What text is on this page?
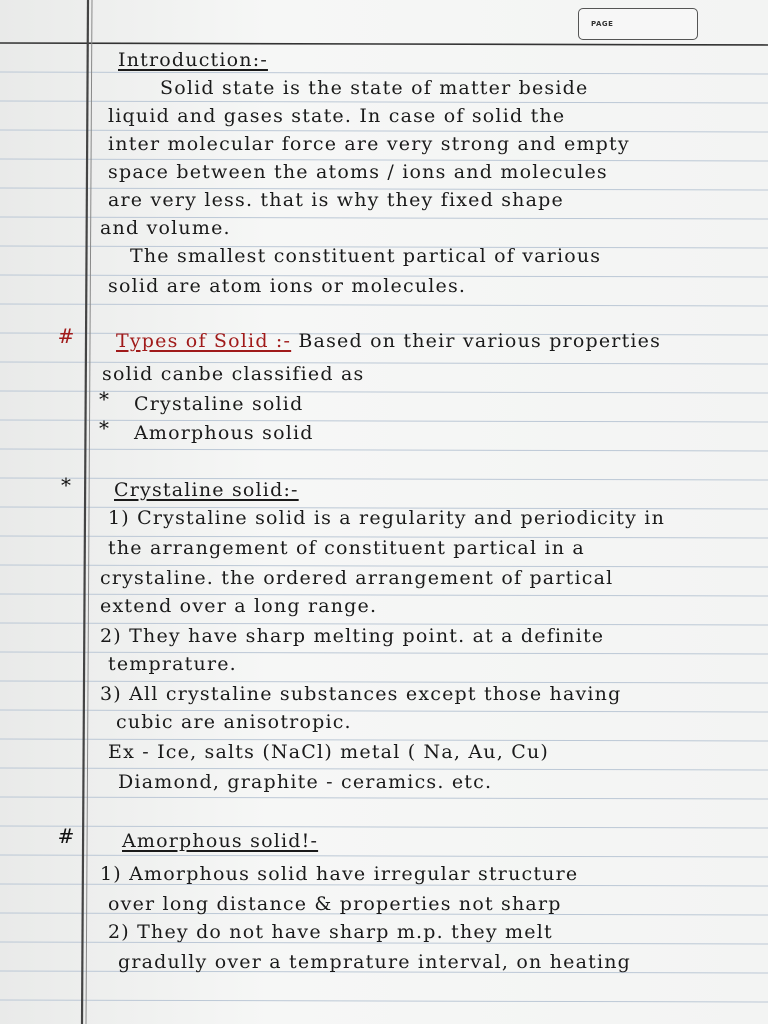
PAGE
Introduction:-
Solid state is the state of matter beside
liquid and gases state. In case of solid the
inter molecular force are very strong and empty
space between the atoms / ions and molecules
are very less. that is why they fixed shape
and volume.
The smallest constituent partical of various
solid are atom ions or molecules.
# Types of Solid :- Based on their various properties
solid canbe classified as
*	Crystaline solid
*	Amorphous solid
*	Crystaline solid:-
1) Crystaline solid is a regularity and periodicity in
the arrangement of constituent partical in a
crystaline. the ordered arrangement of partical
extend over a long range.
2) They have sharp melting point. at a definite
temprature.
3) All crystaline substances except those having
cubic are anisotropic.
Ex - Ice, salts (NaCl) metal ( Na, Au, Cu)
Diamond, graphite - ceramics. etc.
#	Amorphous solid!-
1) Amorphous solid have irregular structure
over long distance & properties not sharp
2) They do not have sharp m.p. they melt
gradully over a temprature interval, on heating
